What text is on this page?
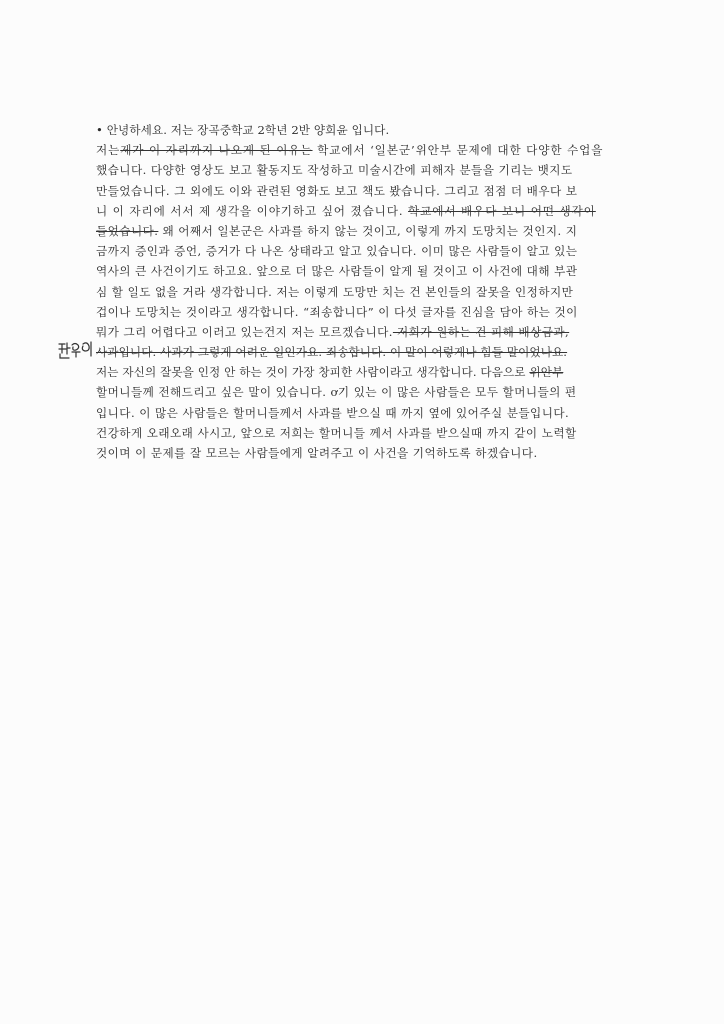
• 안녕하세요. 저는 장곡중학교 2학년 2반 양희윤 입니다.
저는제가 이 자리까지 나오게 된 이유는 학교에서 ‘일본군’위안부 문제에 대한 다양한 수업을
했습니다. 다양한 영상도 보고 활동지도 작성하고 미술시간에 피해자 분들을 기리는 뱃지도
만들었습니다. 그 외에도 이와 관련된 영화도 보고 책도 봤습니다. 그리고 점점 더 배우다 보
니 이 자리에 서서 제 생각을 이야기하고 싶어 졌습니다. 학교에서 배우다 보니 어떤 생각이
들었습니다. 왜 어째서 일본군은 사과를 하지 않는 것이고, 이렇게 까지 도망치는 것인지. 지
금까지 증인과 증언, 증거가 다 나온 상태라고 알고 있습니다. 이미 많은 사람들이 알고 있는
역사의 큰 사건이기도 하고요. 앞으로 더 많은 사람들이 알게 될 것이고 이 사건에 대해 부관
심 할 일도 없을 거라 생각합니다. 저는 이렇게 도망만 치는 건 본인들의 잘못을 인정하지만
겁이나 도망치는 것이라고 생각합니다. “죄송합니다” 이 다섯 글자를 진심을 담아 하는 것이
뭐가 그리 어렵다고 이러고 있는건지 저는 모르겠습니다. 저희가 원하는 건 피해 배상금과,
사과입니다. 사과가 그렇게 어려운 일인가요. 죄송합니다. 이 말이 어렇게나 힘들 말이었나요.
저는 자신의 잘못을 인정 안 하는 것이 가장 창피한 사람이라고 생각합니다. 다음으로 위안부
할머니들께 전해드리고 싶은 말이 있습니다. ơ기 있는 이 많은 사람들은 모두 할머니들의 편
입니다. 이 많은 사람들은 할머니들께서 사과를 받으실 때 까지 옆에 있어주실 분들입니다.
건강하게 오래오래 사시고, 앞으로 저희는 할머니들 께서 사과를 받으실때 까지 같이 노력할
것이며 이 문제를 잘 모르는 사람들에게 알려주고 이 사건을 기억하도록 하겠습니다.
